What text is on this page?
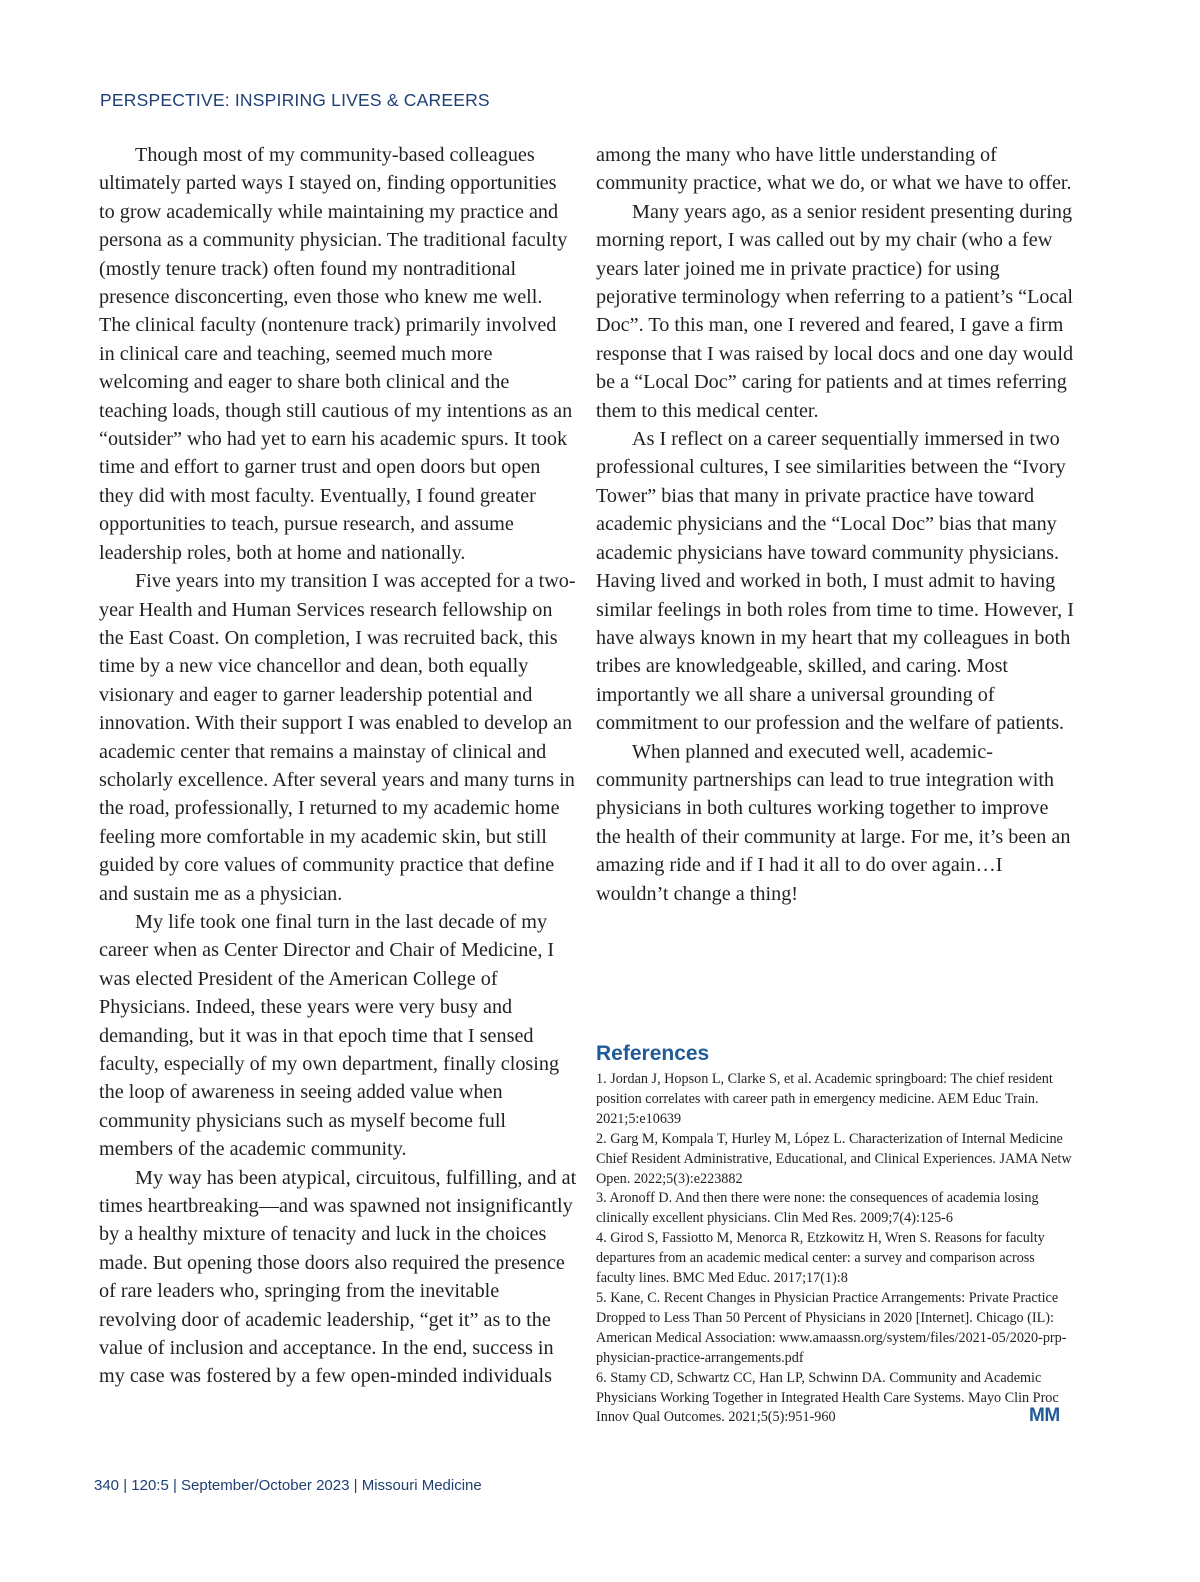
PERSPECTIVE: INSPIRING LIVES & CAREERS

Though most of my community-based colleagues ultimately parted ways I stayed on, finding opportunities to grow academically while maintaining my practice and persona as a community physician. The traditional faculty (mostly tenure track) often found my nontraditional presence disconcerting, even those who knew me well. The clinical faculty (nontenure track) primarily involved in clinical care and teaching, seemed much more welcoming and eager to share both clinical and the teaching loads, though still cautious of my intentions as an “outsider” who had yet to earn his academic spurs. It took time and effort to garner trust and open doors but open they did with most faculty. Eventually, I found greater opportunities to teach, pursue research, and assume leadership roles, both at home and nationally.

Five years into my transition I was accepted for a two-year Health and Human Services research fellowship on the East Coast. On completion, I was recruited back, this time by a new vice chancellor and dean, both equally visionary and eager to garner leadership potential and innovation. With their support I was enabled to develop an academic center that remains a mainstay of clinical and scholarly excellence. After several years and many turns in the road, professionally, I returned to my academic home feeling more comfortable in my academic skin, but still guided by core values of community practice that define and sustain me as a physician.

My life took one final turn in the last decade of my career when as Center Director and Chair of Medicine, I was elected President of the American College of Physicians. Indeed, these years were very busy and demanding, but it was in that epoch time that I sensed faculty, especially of my own department, finally closing the loop of awareness in seeing added value when community physicians such as myself become full members of the academic community.

My way has been atypical, circuitous, fulfilling, and at times heartbreaking—and was spawned not insignificantly by a healthy mixture of tenacity and luck in the choices made. But opening those doors also required the presence of rare leaders who, springing from the inevitable revolving door of academic leadership, “get it” as to the value of inclusion and acceptance. In the end, success in my case was fostered by a few open-minded individuals

among the many who have little understanding of community practice, what we do, or what we have to offer.

Many years ago, as a senior resident presenting during morning report, I was called out by my chair (who a few years later joined me in private practice) for using pejorative terminology when referring to a patient’s “Local Doc”. To this man, one I revered and feared, I gave a firm response that I was raised by local docs and one day would be a “Local Doc” caring for patients and at times referring them to this medical center.

As I reflect on a career sequentially immersed in two professional cultures, I see similarities between the “Ivory Tower” bias that many in private practice have toward academic physicians and the “Local Doc” bias that many academic physicians have toward community physicians. Having lived and worked in both, I must admit to having similar feelings in both roles from time to time. However, I have always known in my heart that my colleagues in both tribes are knowledgeable, skilled, and caring. Most importantly we all share a universal grounding of commitment to our profession and the welfare of patients.

When planned and executed well, academic-community partnerships can lead to true integration with physicians in both cultures working together to improve the health of their community at large. For me, it’s been an amazing ride and if I had it all to do over again…I wouldn’t change a thing!

References
1. Jordan J, Hopson L, Clarke S, et al. Academic springboard: The chief resident position correlates with career path in emergency medicine. AEM Educ Train. 2021;5:e10639
2. Garg M, Kompala T, Hurley M, López L. Characterization of Internal Medicine Chief Resident Administrative, Educational, and Clinical Experiences. JAMA Netw Open. 2022;5(3):e223882
3. Aronoff D. And then there were none: the consequences of academia losing clinically excellent physicians. Clin Med Res. 2009;7(4):125-6
4. Girod S, Fassiotto M, Menorca R, Etzkowitz H, Wren S. Reasons for faculty departures from an academic medical center: a survey and comparison across faculty lines. BMC Med Educ. 2017;17(1):8
5. Kane, C. Recent Changes in Physician Practice Arrangements: Private Practice Dropped to Less Than 50 Percent of Physicians in 2020 [Internet]. Chicago (IL): American Medical Association: www.amaassn.org/system/files/2021-05/2020-prp-physician-practice-arrangements.pdf
6. Stamy CD, Schwartz CC, Han LP, Schwinn DA. Community and Academic Physicians Working Together in Integrated Health Care Systems. Mayo Clin Proc Innov Qual Outcomes. 2021;5(5):951-960	MM
340 | 120:5 | September/October 2023 | Missouri Medicine
